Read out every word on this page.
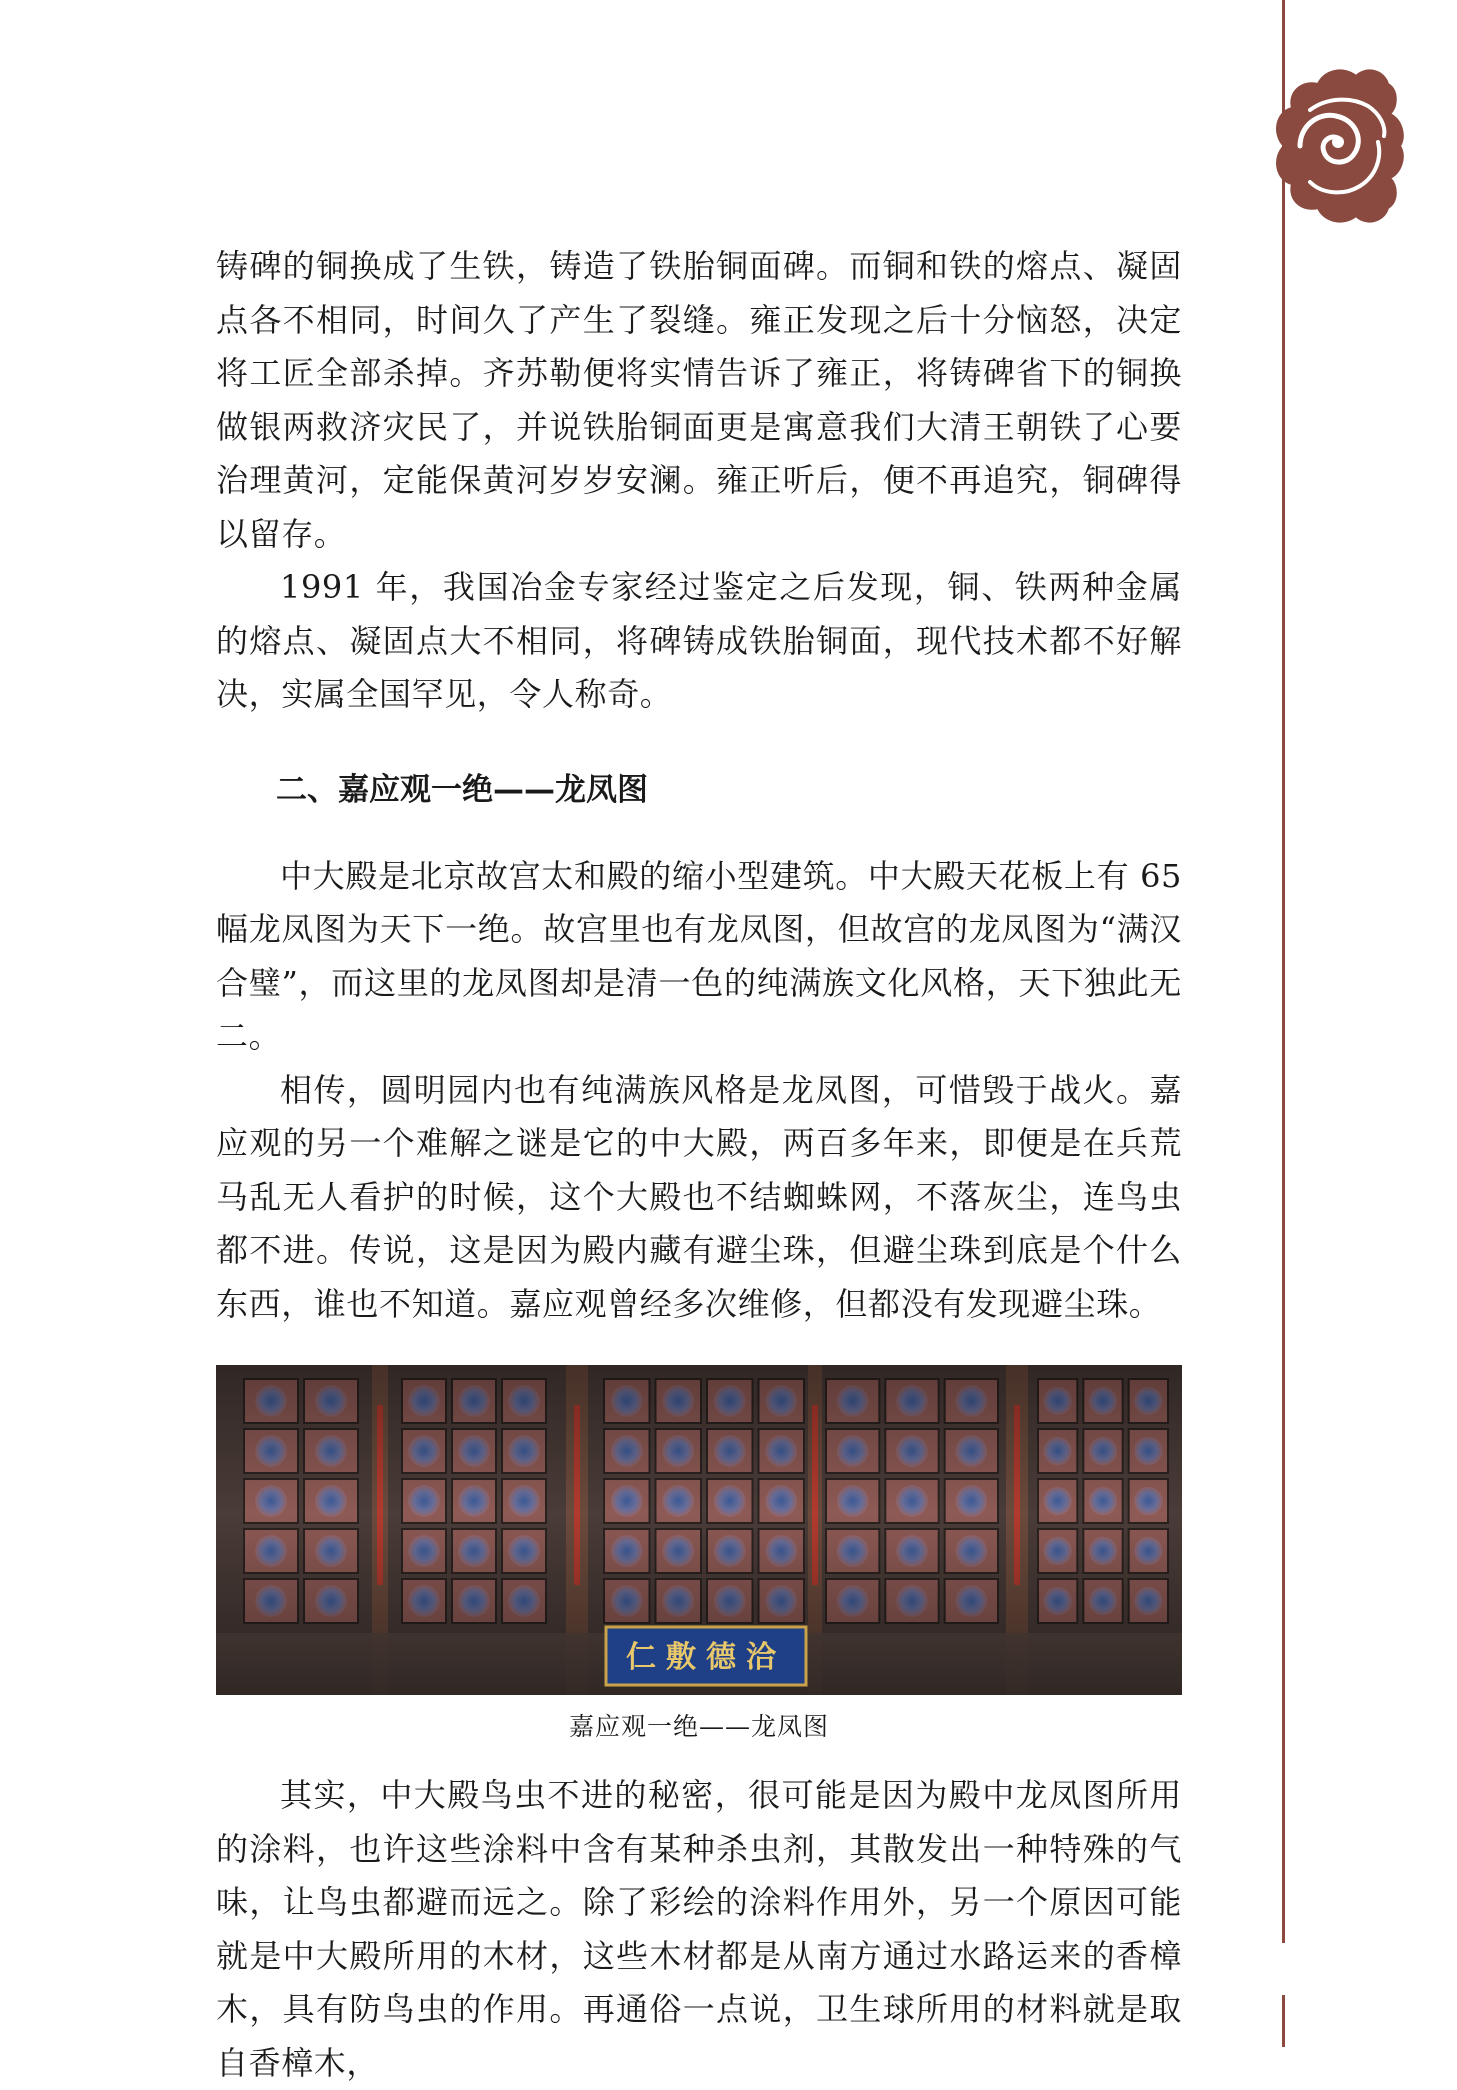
铸碑的铜换成了生铁，铸造了铁胎铜面碑。而铜和铁的熔点、凝固点各不相同，时间久了产生了裂缝。雍正发现之后十分恼怒，决定将工匠全部杀掉。齐苏勒便将实情告诉了雍正，将铸碑省下的铜换做银两救济灾民了，并说铁胎铜面更是寓意我们大清王朝铁了心要治理黄河，定能保黄河岁岁安澜。雍正听后，便不再追究，铜碑得以留存。

1991 年，我国冶金专家经过鉴定之后发现，铜、铁两种金属的熔点、凝固点大不相同，将碑铸成铁胎铜面，现代技术都不好解决，实属全国罕见，令人称奇。

二、嘉应观一绝——龙凤图

中大殿是北京故宫太和殿的缩小型建筑。中大殿天花板上有 65 幅龙凤图为天下一绝。故宫里也有龙凤图，但故宫的龙凤图为“满汉合璧”，而这里的龙凤图却是清一色的纯满族文化风格，天下独此无二。

相传，圆明园内也有纯满族风格是龙凤图，可惜毁于战火。嘉应观的另一个难解之谜是它的中大殿，两百多年来，即便是在兵荒马乱无人看护的时候，这个大殿也不结蜘蛛网，不落灰尘，连鸟虫都不进。传说，这是因为殿内藏有避尘珠，但避尘珠到底是个什么东西，谁也不知道。嘉应观曾经多次维修，但都没有发现避尘珠。

仁敷德洽
嘉应观一绝——龙凤图

其实，中大殿鸟虫不进的秘密，很可能是因为殿中龙凤图所用的涂料，也许这些涂料中含有某种杀虫剂，其散发出一种特殊的气味，让鸟虫都避而远之。除了彩绘的涂料作用外，另一个原因可能就是中大殿所用的木材，这些木材都是从南方通过水路运来的香樟木，具有防鸟虫的作用。再通俗一点说，卫生球所用的材料就是取自香樟木，
